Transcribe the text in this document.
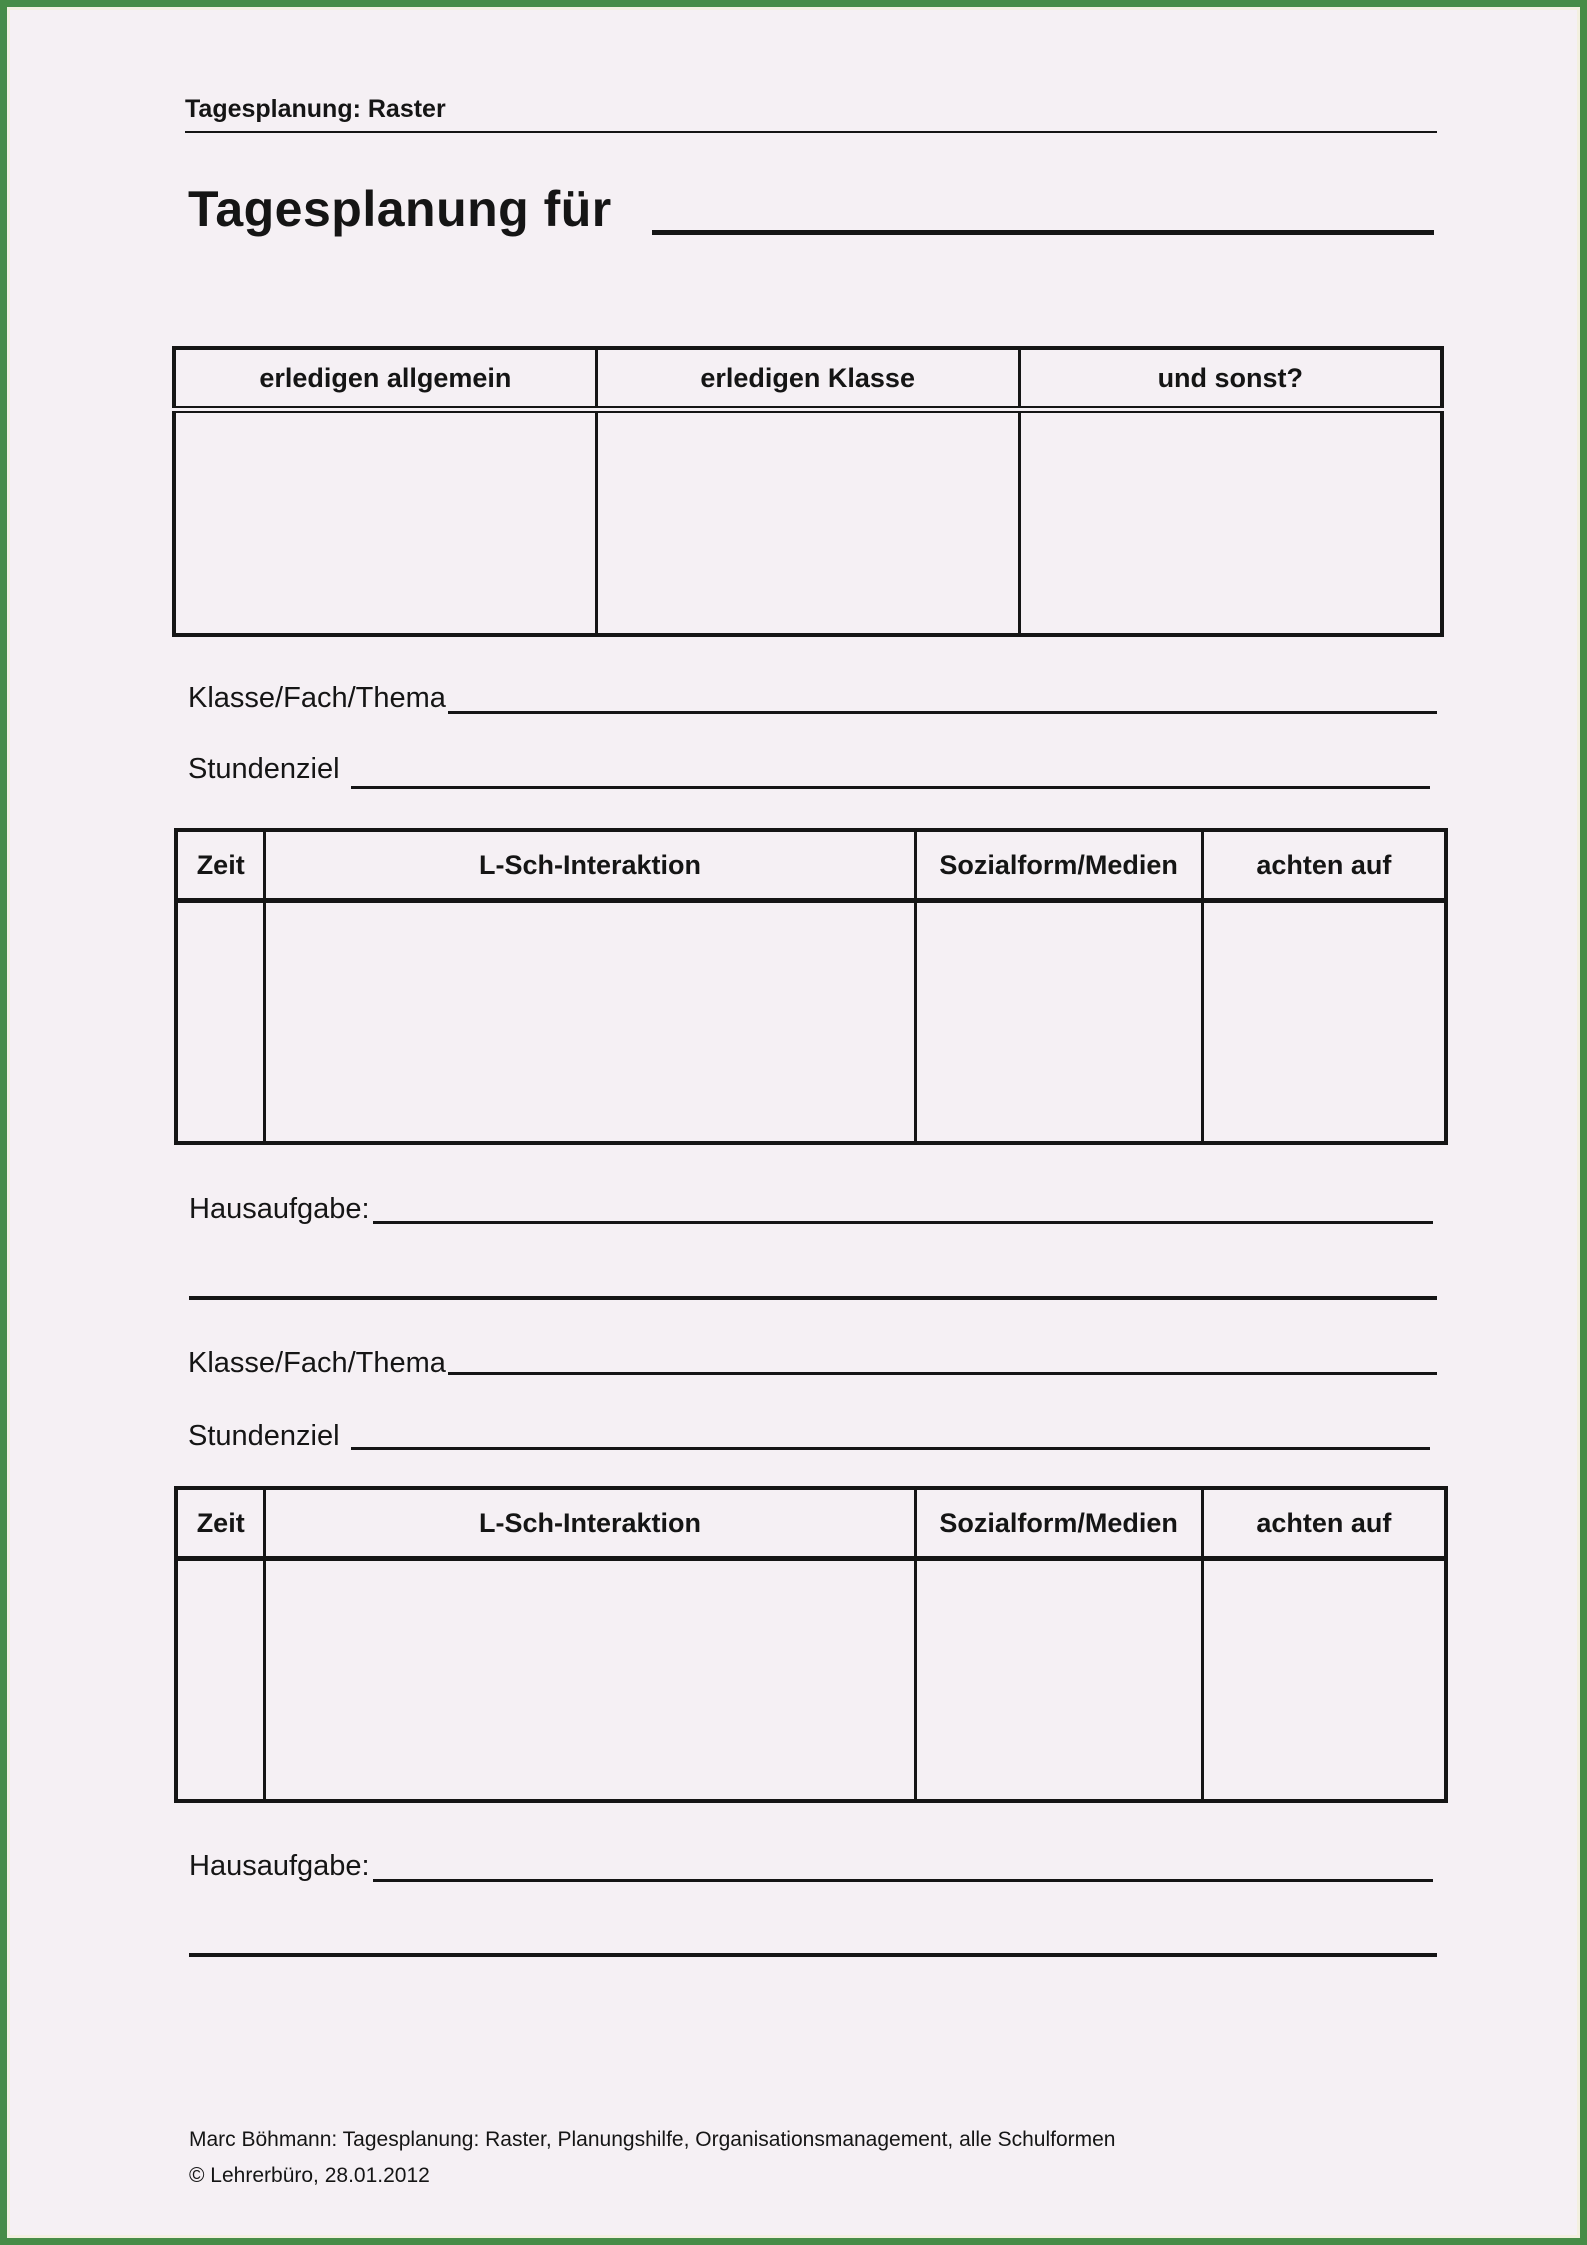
Tagesplanung: Raster
Tagesplanung für
erledigen allgemein	erledigen Klasse	und sonst?

Klasse/Fach/Thema
Stundenziel
Zeit	L-Sch-Interaktion	Sozialform/Medien	achten auf

Hausaufgabe:
Klasse/Fach/Thema
Stundenziel
Zeit	L-Sch-Interaktion	Sozialform/Medien	achten auf

Hausaufgabe:
Marc Böhmann: Tagesplanung: Raster, Planungshilfe, Organisationsmanagement, alle Schulformen
© Lehrerbüro, 28.01.2012
